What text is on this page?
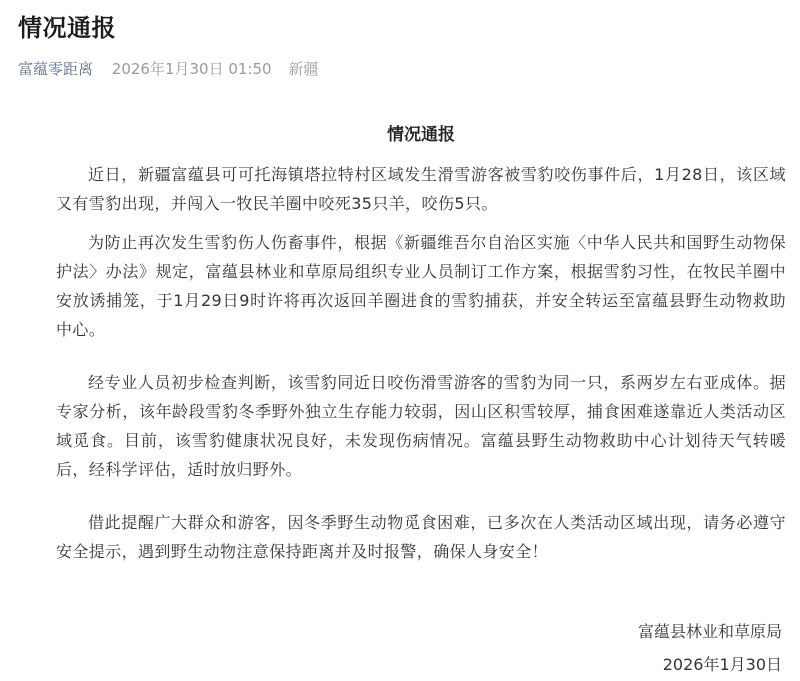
情况通报
富蕴零距离 2026年1月30日 01:50 新疆
情况通报

近日，新疆富蕴县可可托海镇塔拉特村区域发生滑雪游客被雪豹咬伤事件后，1月28日，该区域又有雪豹出现，并闯入一牧民羊圈中咬死35只羊，咬伤5只。

为防止再次发生雪豹伤人伤畜事件，根据《新疆维吾尔自治区实施〈中华人民共和国野生动物保护法〉办法》规定，富蕴县林业和草原局组织专业人员制订工作方案，根据雪豹习性，在牧民羊圈中安放诱捕笼，于1月29日9时许将再次返回羊圈进食的雪豹捕获，并安全转运至富蕴县野生动物救助中心。

经专业人员初步检查判断，该雪豹同近日咬伤滑雪游客的雪豹为同一只，系两岁左右亚成体。据专家分析，该年龄段雪豹冬季野外独立生存能力较弱，因山区积雪较厚，捕食困难遂靠近人类活动区域觅食。目前，该雪豹健康状况良好，未发现伤病情况。富蕴县野生动物救助中心计划待天气转暖后，经科学评估，适时放归野外。

借此提醒广大群众和游客，因冬季野生动物觅食困难，已多次在人类活动区域出现，请务必遵守安全提示，遇到野生动物注意保持距离并及时报警，确保人身安全！

富蕴县林业和草原局
2026年1月30日
